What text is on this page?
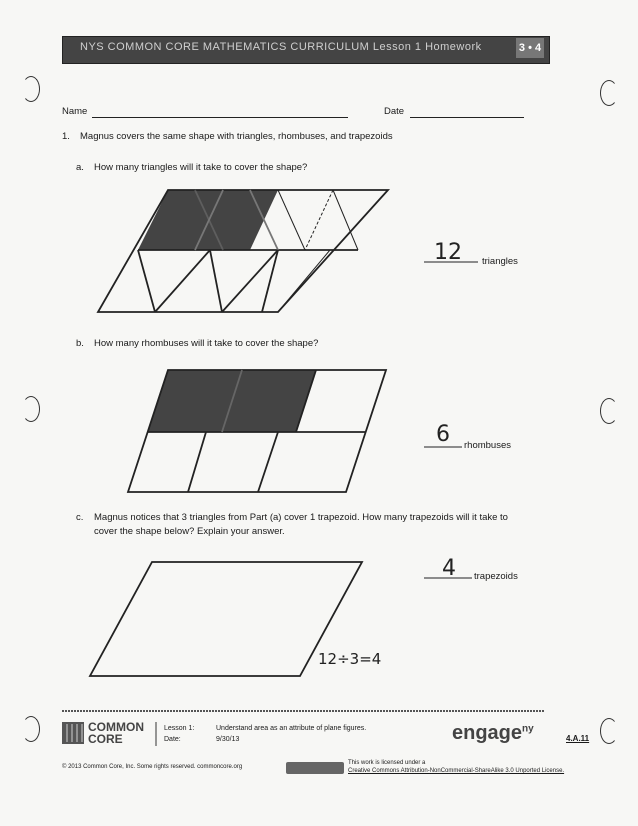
NYS COMMON CORE MATHEMATICS CURRICULUM Lesson 1 Homework	3 • 4
Name	Date
1. Magnus covers the same shape with triangles, rhombuses, and trapezoids
a. How many triangles will it take to cover the shape?
b. How many rhombuses will it take to cover the shape?
c. Magnus notices that 3 triangles from Part (a) cover 1 trapezoid. How many trapezoids will it take to
cover the shape below? Explain your answer.
12 triangles
6 rhombuses
4 trapezoids
12÷3=4
COMMON
CORE
Lesson 1:	Understand area as an attribute of plane figures.
Date:	9/30/13	engage$^{ny}$
4.A.11
© 2013 Common Core, Inc. Some rights reserved. commoncore.org
This work is licensed under a
Creative Commons Attribution-NonCommercial-ShareAlike 3.0 Unported License.
